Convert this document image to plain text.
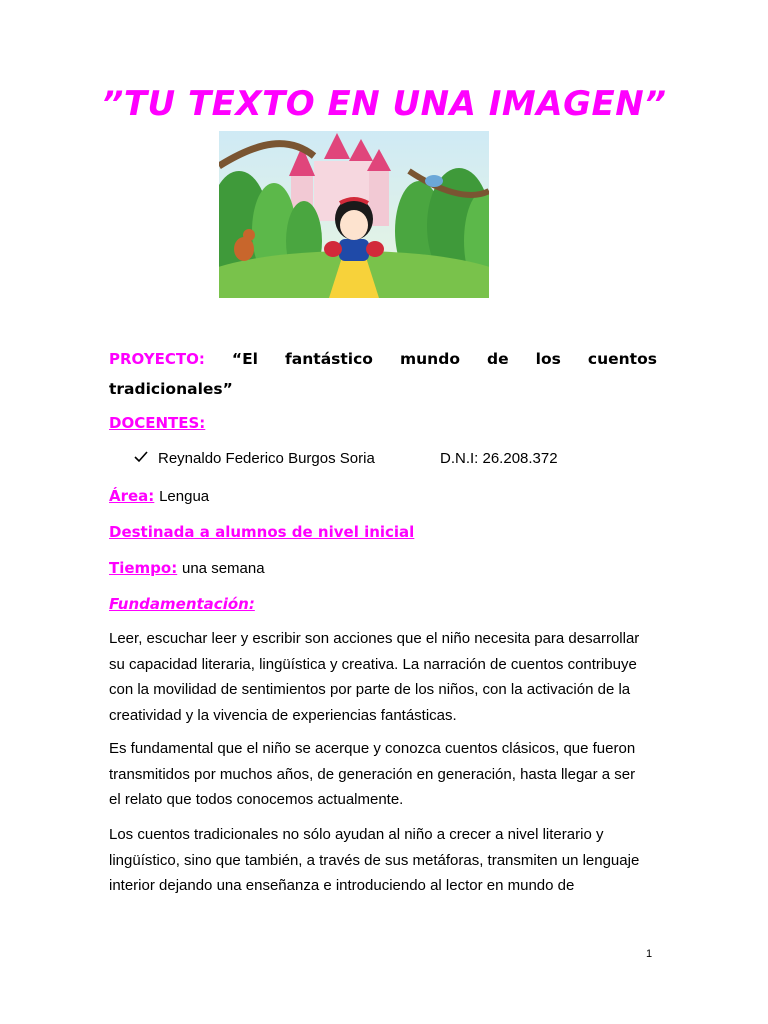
”TU TEXTO EN UNA IMAGEN”
PROYECTO: “El fantástico mundo de los cuentos
tradicionales”
DOCENTES:
Reynaldo Federico Burgos Soria	D.N.I: 26.208.372
Área: Lengua
Destinada a alumnos de nivel inicial
Tiempo: una semana
Fundamentación:
Leer, escuchar leer y escribir son acciones que el niño necesita para desarrollar
su capacidad literaria, lingüística y creativa. La narración de cuentos contribuye
con la movilidad de sentimientos por parte de los niños, con la activación de la
creatividad y la vivencia de experiencias fantásticas.
Es fundamental que el niño se acerque y conozca cuentos clásicos, que fueron
transmitidos por muchos años, de generación en generación, hasta llegar a ser
el relato que todos conocemos actualmente.
Los cuentos tradicionales no sólo ayudan al niño a crecer a nivel literario y
lingüístico, sino que también, a través de sus metáforas, transmiten un lenguaje
interior dejando una enseñanza e introduciendo al lector en mundo de
1
